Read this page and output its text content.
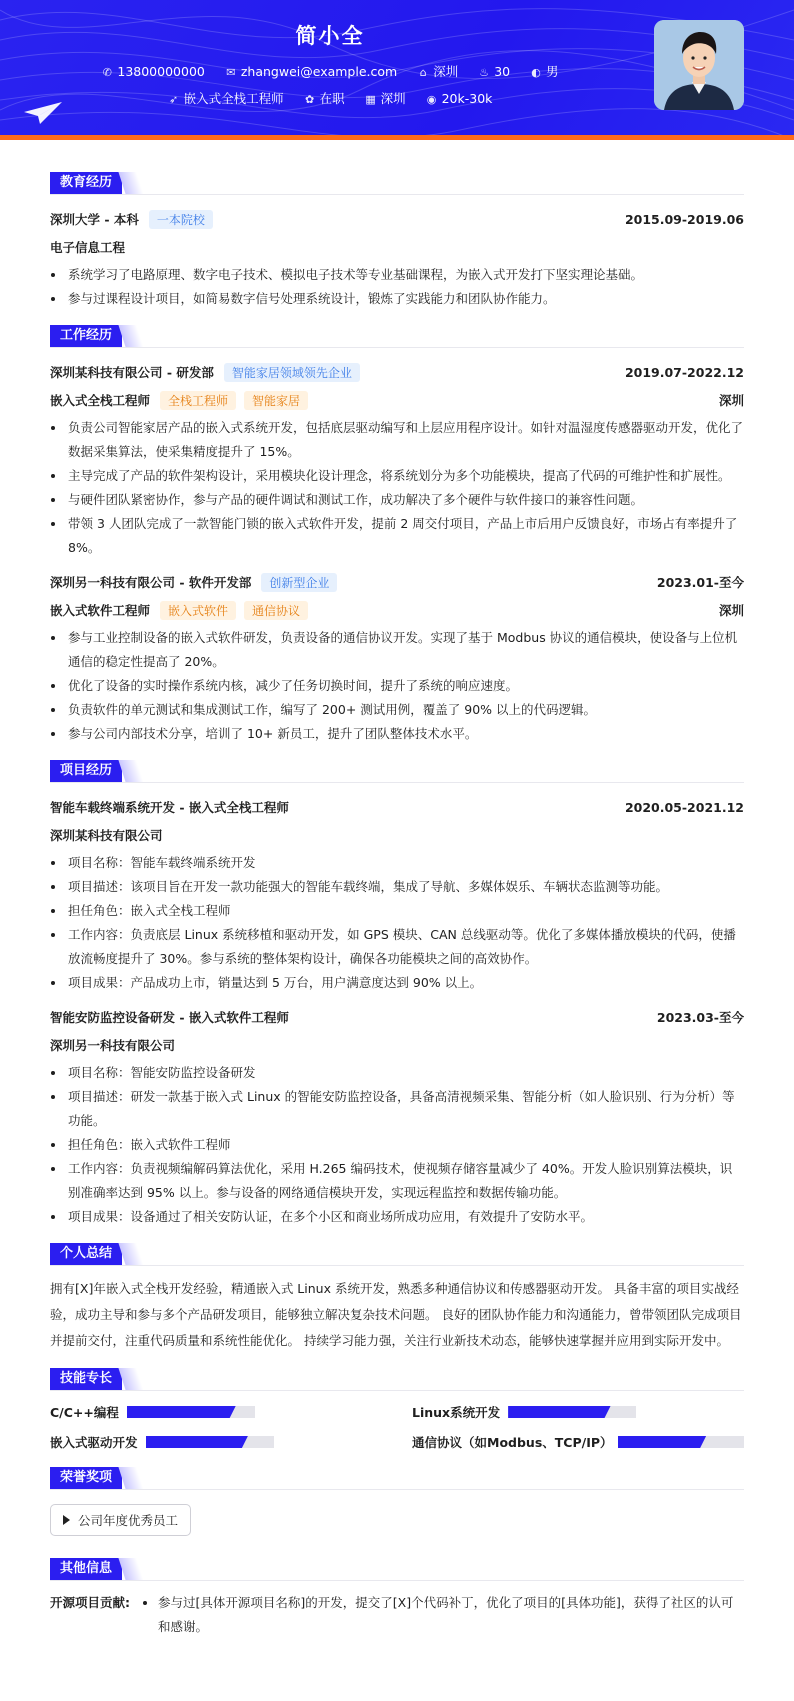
简小全
✆ 13800000000 ✉ zhangwei@example.com ⌂ 深圳 ♨ 30 ◐ 男
➶ 嵌入式全栈工程师 ✿ 在职 ▦ 深圳 ◉ 20k-30k
教育经历
深圳大学 - 本科	一本院校	2015.09-2019.06
电子信息工程
• 系统学习了电路原理、数字电子技术、模拟电子技术等专业基础课程，为嵌入式开发打下坚实理论基础。
• 参与过课程设计项目，如简易数字信号处理系统设计，锻炼了实践能力和团队协作能力。
工作经历
深圳某科技有限公司 - 研发部	智能家居领域领先企业	2019.07-2022.12
嵌入式全栈工程师	全栈工程师	智能家居	深圳
• 负责公司智能家居产品的嵌入式系统开发，包括底层驱动编写和上层应用程序设计。如针对温湿度传感器驱动开发，优化了数据采集算法，使采集精度提升了 15%。
• 主导完成了产品的软件架构设计，采用模块化设计理念，将系统划分为多个功能模块，提高了代码的可维护性和扩展性。
• 与硬件团队紧密协作，参与产品的硬件调试和测试工作，成功解决了多个硬件与软件接口的兼容性问题。
• 带领 3 人团队完成了一款智能门锁的嵌入式软件开发，提前 2 周交付项目，产品上市后用户反馈良好，市场占有率提升了 8%。
深圳另一科技有限公司 - 软件开发部	创新型企业	2023.01-至今
嵌入式软件工程师	嵌入式软件	通信协议	深圳
• 参与工业控制设备的嵌入式软件研发，负责设备的通信协议开发。实现了基于 Modbus 协议的通信模块，使设备与上位机通信的稳定性提高了 20%。
• 优化了设备的实时操作系统内核，减少了任务切换时间，提升了系统的响应速度。
• 负责软件的单元测试和集成测试工作，编写了 200+ 测试用例，覆盖了 90% 以上的代码逻辑。
• 参与公司内部技术分享，培训了 10+ 新员工，提升了团队整体技术水平。
项目经历
智能车载终端系统开发 - 嵌入式全栈工程师	2020.05-2021.12
深圳某科技有限公司
• 项目名称：智能车载终端系统开发
• 项目描述：该项目旨在开发一款功能强大的智能车载终端，集成了导航、多媒体娱乐、车辆状态监测等功能。
• 担任角色：嵌入式全栈工程师
• 工作内容：负责底层 Linux 系统移植和驱动开发，如 GPS 模块、CAN 总线驱动等。优化了多媒体播放模块的代码，使播放流畅度提升了 30%。参与系统的整体架构设计，确保各功能模块之间的高效协作。
• 项目成果：产品成功上市，销量达到 5 万台，用户满意度达到 90% 以上。
智能安防监控设备研发 - 嵌入式软件工程师	2023.03-至今
深圳另一科技有限公司
• 项目名称：智能安防监控设备研发
• 项目描述：研发一款基于嵌入式 Linux 的智能安防监控设备，具备高清视频采集、智能分析（如人脸识别、行为分析）等功能。
• 担任角色：嵌入式软件工程师
• 工作内容：负责视频编解码算法优化，采用 H.265 编码技术，使视频存储容量减少了 40%。开发人脸识别算法模块，识别准确率达到 95% 以上。参与设备的网络通信模块开发，实现远程监控和数据传输功能。
• 项目成果：设备通过了相关安防认证，在多个小区和商业场所成功应用，有效提升了安防水平。
个人总结
拥有[X]年嵌入式全栈开发经验，精通嵌入式 Linux 系统开发，熟悉多种通信协议和传感器驱动开发。 具备丰富的项目实战经验，成功主导和参与多个产品研发项目，能够独立解决复杂技术问题。 良好的团队协作能力和沟通能力，曾带领团队完成项目并提前交付，注重代码质量和系统性能优化。 持续学习能力强，关注行业新技术动态，能够快速掌握并应用到实际开发中。
技能专长
C/C++编程	Linux系统开发
嵌入式驱动开发	通信协议（如Modbus、TCP/IP）
荣誉奖项
公司年度优秀员工
其他信息
开源项目贡献:
• 参与过[具体开源项目名称]的开发，提交了[X]个代码补丁，优化了项目的[具体功能]，获得了社区的认可和感谢。
